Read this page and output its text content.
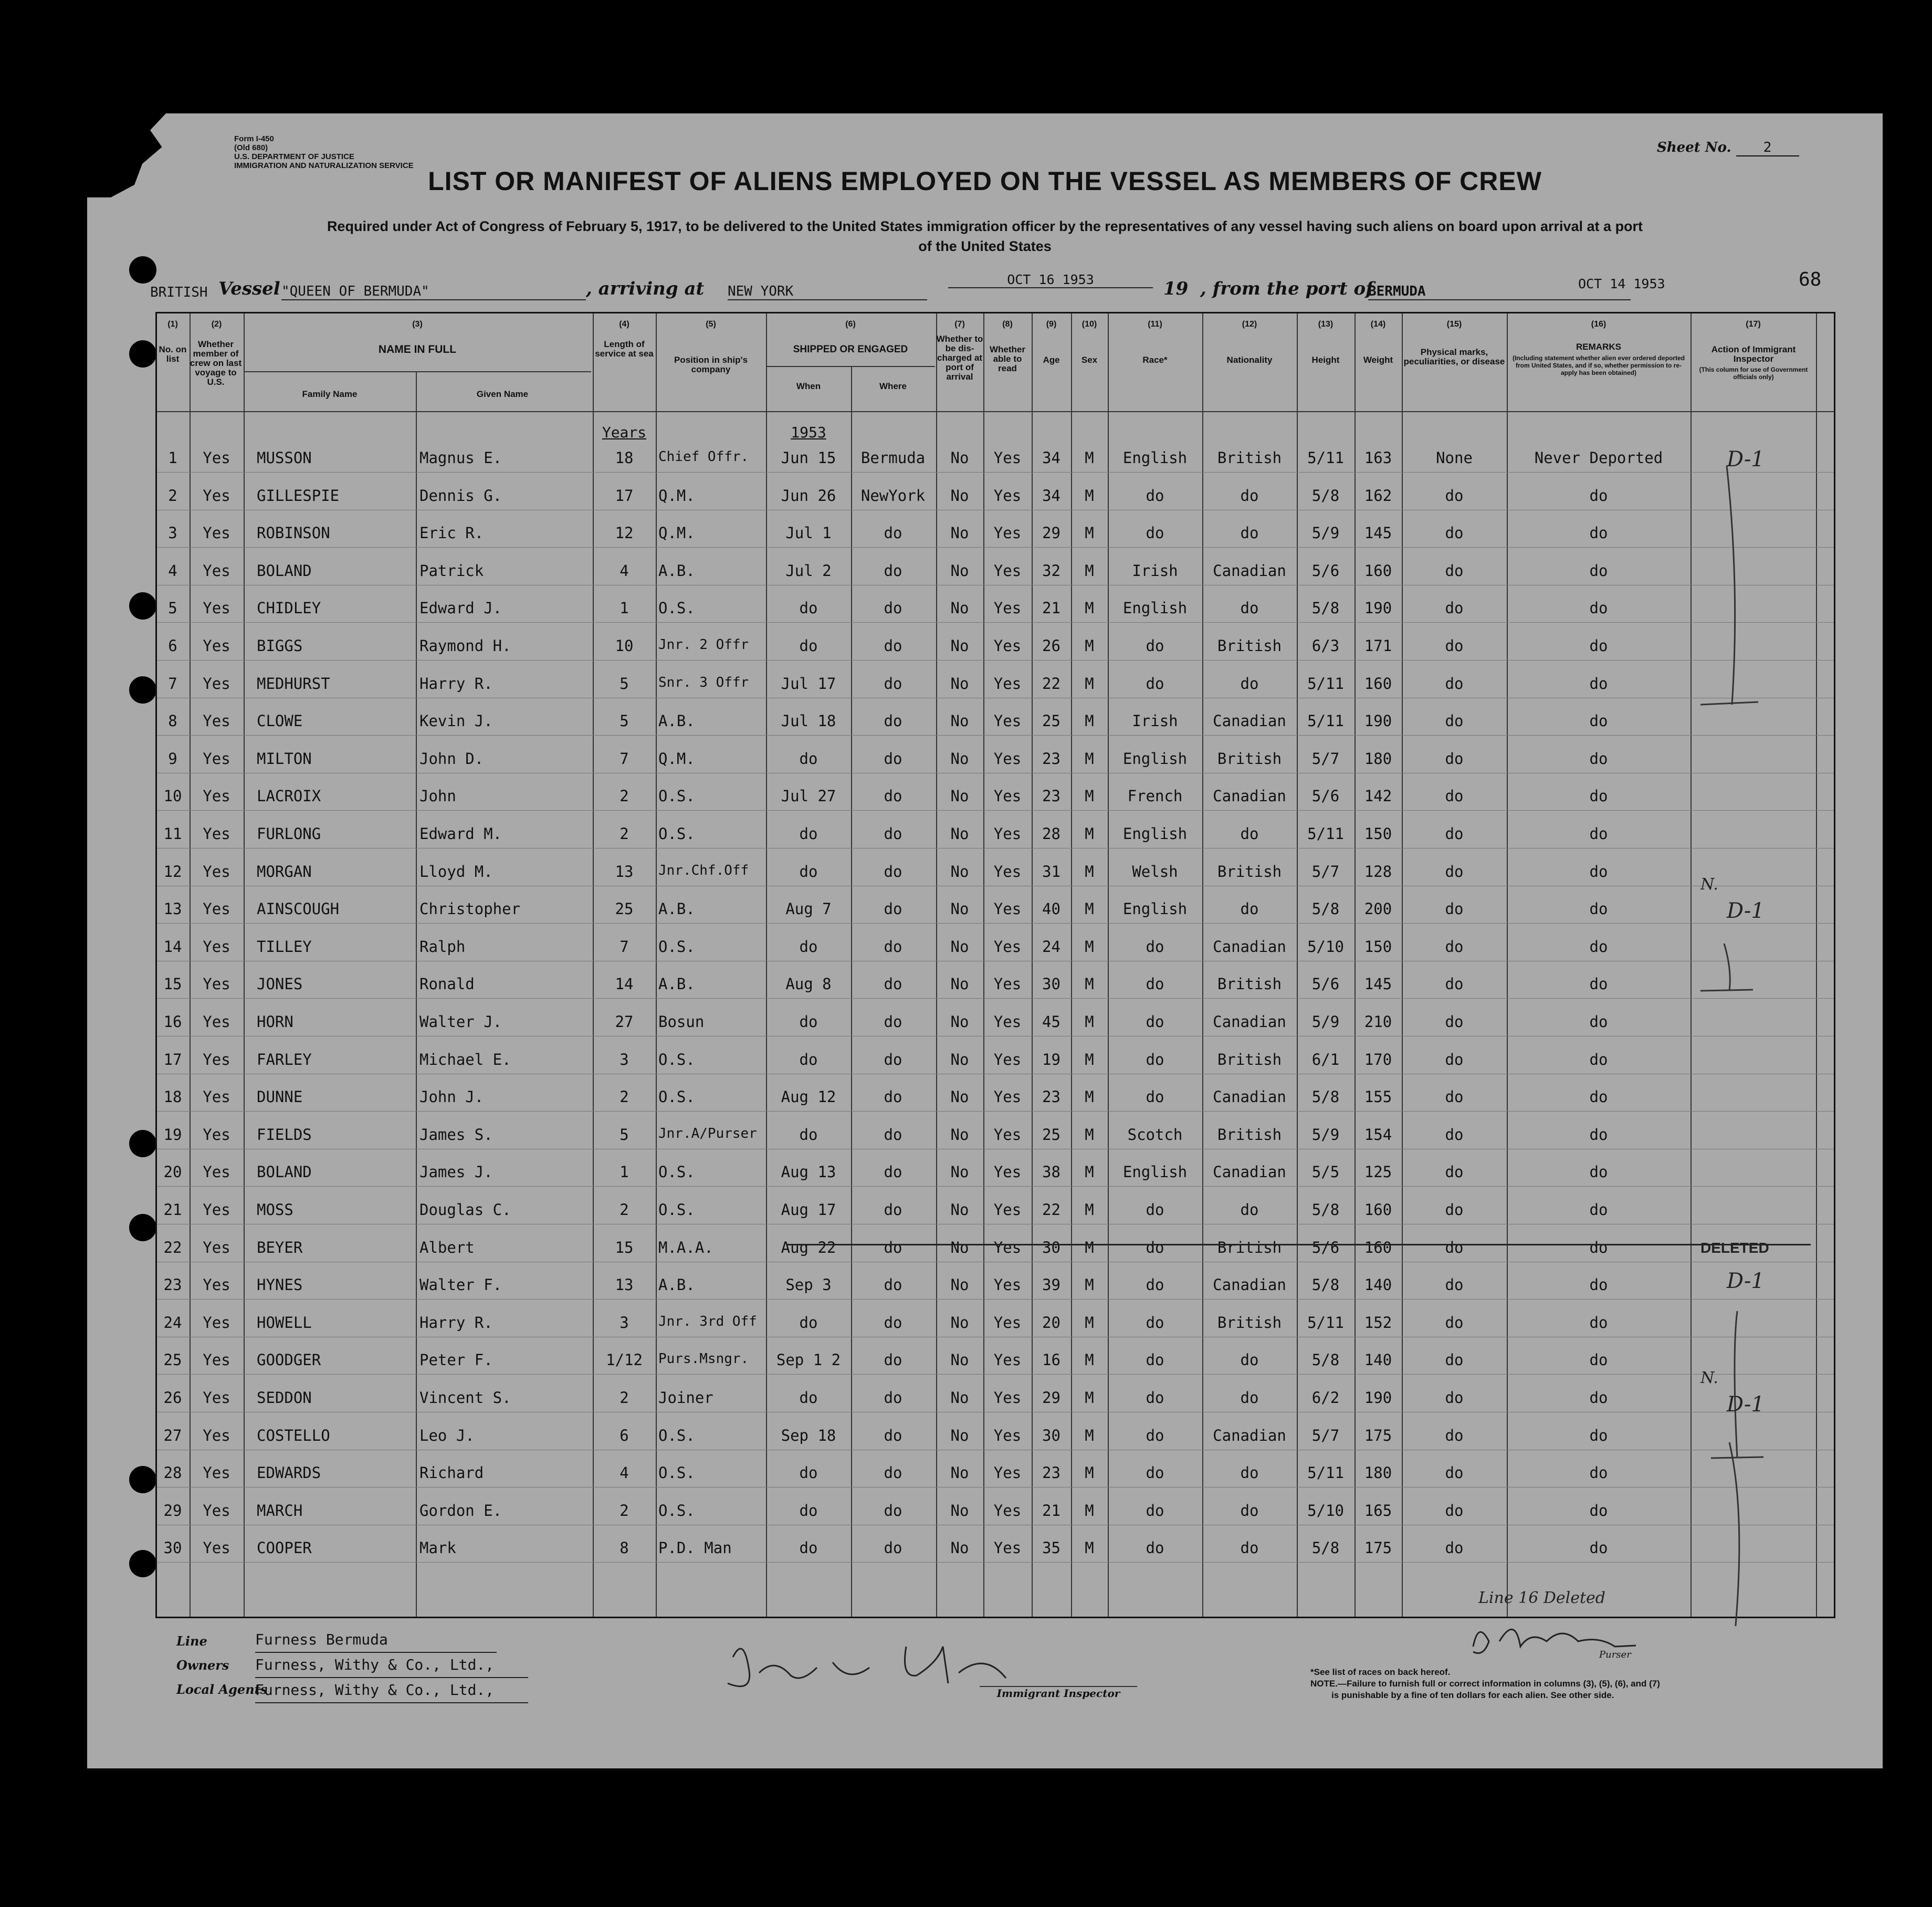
Form I-450
(Old 680)
U.S. DEPARTMENT OF JUSTICE
IMMIGRATION AND NATURALIZATION SERVICE
Sheet No. 2
LIST OR MANIFEST OF ALIENS EMPLOYED ON THE VESSEL AS MEMBERS OF CREW
Required under Act of Congress of February 5, 1917, to be delivered to the United States immigration officer by the representatives of any vessel having such aliens on board upon arrival at a port
of the United States
BRITISH Vessel "QUEEN OF BERMUDA"	, arriving at NEW YORK
OCT 16 1953	19 , from the port of
BERMUDA	OCT 14 1953	68
(1)	(2)	(3)	(4)	(5)	(6)	(7)	(8)	(9)	(10)	(11)	(12)	(13)	(14)	(15)	(16)	(17)
No. on list
Whether member of crew on last voyage to U.S.
NAME IN FULL
Family Name	Given Name
Length of service at sea
Position in ship's company
SHIPPED OR ENGAGED
When	Where
Whether to be dis-charged at port of arrival
Whether able to read
Age	Sex	Race*	Nationality	Height	Weight
Physical marks, peculiarities, or disease
REMARKS
(Including statement whether alien ever ordered deported from United States, and if so, whether permission to re-apply has been obtained)
Action of Immigrant Inspector
(This column for use of Government officials only)
Years	1953
1	Yes	MUSSON	Magnus E.	18	Chief Offr.	Jun 15	Bermuda	No	Yes	34	M	English	British	5/11	163	None	Never Deported
2	Yes	GILLESPIE	Dennis G.	17	Q.M.	Jun 26	NewYork	No	Yes	34	M	do	do	5/8	162	do	do
3	Yes	ROBINSON	Eric R.	12	Q.M.	Jul 1	do	No	Yes	29	M	do	do	5/9	145	do	do
4	Yes	BOLAND	Patrick	4	A.B.	Jul 2	do	No	Yes	32	M	Irish	Canadian	5/6	160	do	do
5	Yes	CHIDLEY	Edward J.	1	O.S.	do	do	No	Yes	21	M	English	do	5/8	190	do	do
6	Yes	BIGGS	Raymond H.	10	Jnr. 2 Offr	do	do	No	Yes	26	M	do	British	6/3	171	do	do
7	Yes	MEDHURST	Harry R.	5	Snr. 3 Offr	Jul 17	do	No	Yes	22	M	do	do	5/11	160	do	do
8	Yes	CLOWE	Kevin J.	5	A.B.	Jul 18	do	No	Yes	25	M	Irish	Canadian	5/11	190	do	do
9	Yes	MILTON	John D.	7	Q.M.	do	do	No	Yes	23	M	English	British	5/7	180	do	do
10	Yes	LACROIX	John	2	O.S.	Jul 27	do	No	Yes	23	M	French	Canadian	5/6	142	do	do
11	Yes	FURLONG	Edward M.	2	O.S.	do	do	No	Yes	28	M	English	do	5/11	150	do	do
12	Yes	MORGAN	Lloyd M.	13	Jnr.Chf.Off	do	do	No	Yes	31	M	Welsh	British	5/7	128	do	do
13	Yes	AINSCOUGH	Christopher	25	A.B.	Aug 7	do	No	Yes	40	M	English	do	5/8	200	do	do
14	Yes	TILLEY	Ralph	7	O.S.	do	do	No	Yes	24	M	do	Canadian	5/10	150	do	do
15	Yes	JONES	Ronald	14	A.B.	Aug 8	do	No	Yes	30	M	do	British	5/6	145	do	do
16	Yes	HORN	Walter J.	27	Bosun	do	do	No	Yes	45	M	do	Canadian	5/9	210	do	do
17	Yes	FARLEY	Michael E.	3	O.S.	do	do	No	Yes	19	M	do	British	6/1	170	do	do
18	Yes	DUNNE	John J.	2	O.S.	Aug 12	do	No	Yes	23	M	do	Canadian	5/8	155	do	do
19	Yes	FIELDS	James S.	5	Jnr.A/Purser	do	do	No	Yes	25	M	Scotch	British	5/9	154	do	do
20	Yes	BOLAND	James J.	1	O.S.	Aug 13	do	No	Yes	38	M	English	Canadian	5/5	125	do	do
21	Yes	MOSS	Douglas C.	2	O.S.	Aug 17	do	No	Yes	22	M	do	do	5/8	160	do	do
22	Yes	BEYER	Albert	15	M.A.A.	Aug 22	do	No	Yes	30	M	do	British	5/6	160	do	do
23	Yes	HYNES	Walter F.	13	A.B.	Sep 3	do	No	Yes	39	M	do	Canadian	5/8	140	do	do
24	Yes	HOWELL	Harry R.	3	Jnr. 3rd Off	do	do	No	Yes	20	M	do	British	5/11	152	do	do
25	Yes	GOODGER	Peter F.	1/12	Purs.Msngr.	Sep 1 2	do	No	Yes	16	M	do	do	5/8	140	do	do
26	Yes	SEDDON	Vincent S.	2	Joiner	do	do	No	Yes	29	M	do	do	6/2	190	do	do
27	Yes	COSTELLO	Leo J.	6	O.S.	Sep 18	do	No	Yes	30	M	do	Canadian	5/7	175	do	do
28	Yes	EDWARDS	Richard	4	O.S.	do	do	No	Yes	23	M	do	do	5/11	180	do	do
29	Yes	MARCH	Gordon E.	2	O.S.	do	do	No	Yes	21	M	do	do	5/10	165	do	do
30	Yes	COOPER	Mark	8	P.D. Man	do	do	No	Yes	35	M	do	do	5/8	175	do	do
D-1
N.
D-1
DELETED
D-1
N.
D-1
Line
Owners
Local Agents
Furness Bermuda
Furness, Withy & Co., Ltd.,
Furness, Withy & Co., Ltd.,	Immigrant Inspector
Line 16 Deleted
Purser
*See list of races on back hereof.
NOTE.—Failure to furnish full or correct information in columns (3), (5), (6), and (7)
is punishable by a fine of ten dollars for each alien. See other side.
